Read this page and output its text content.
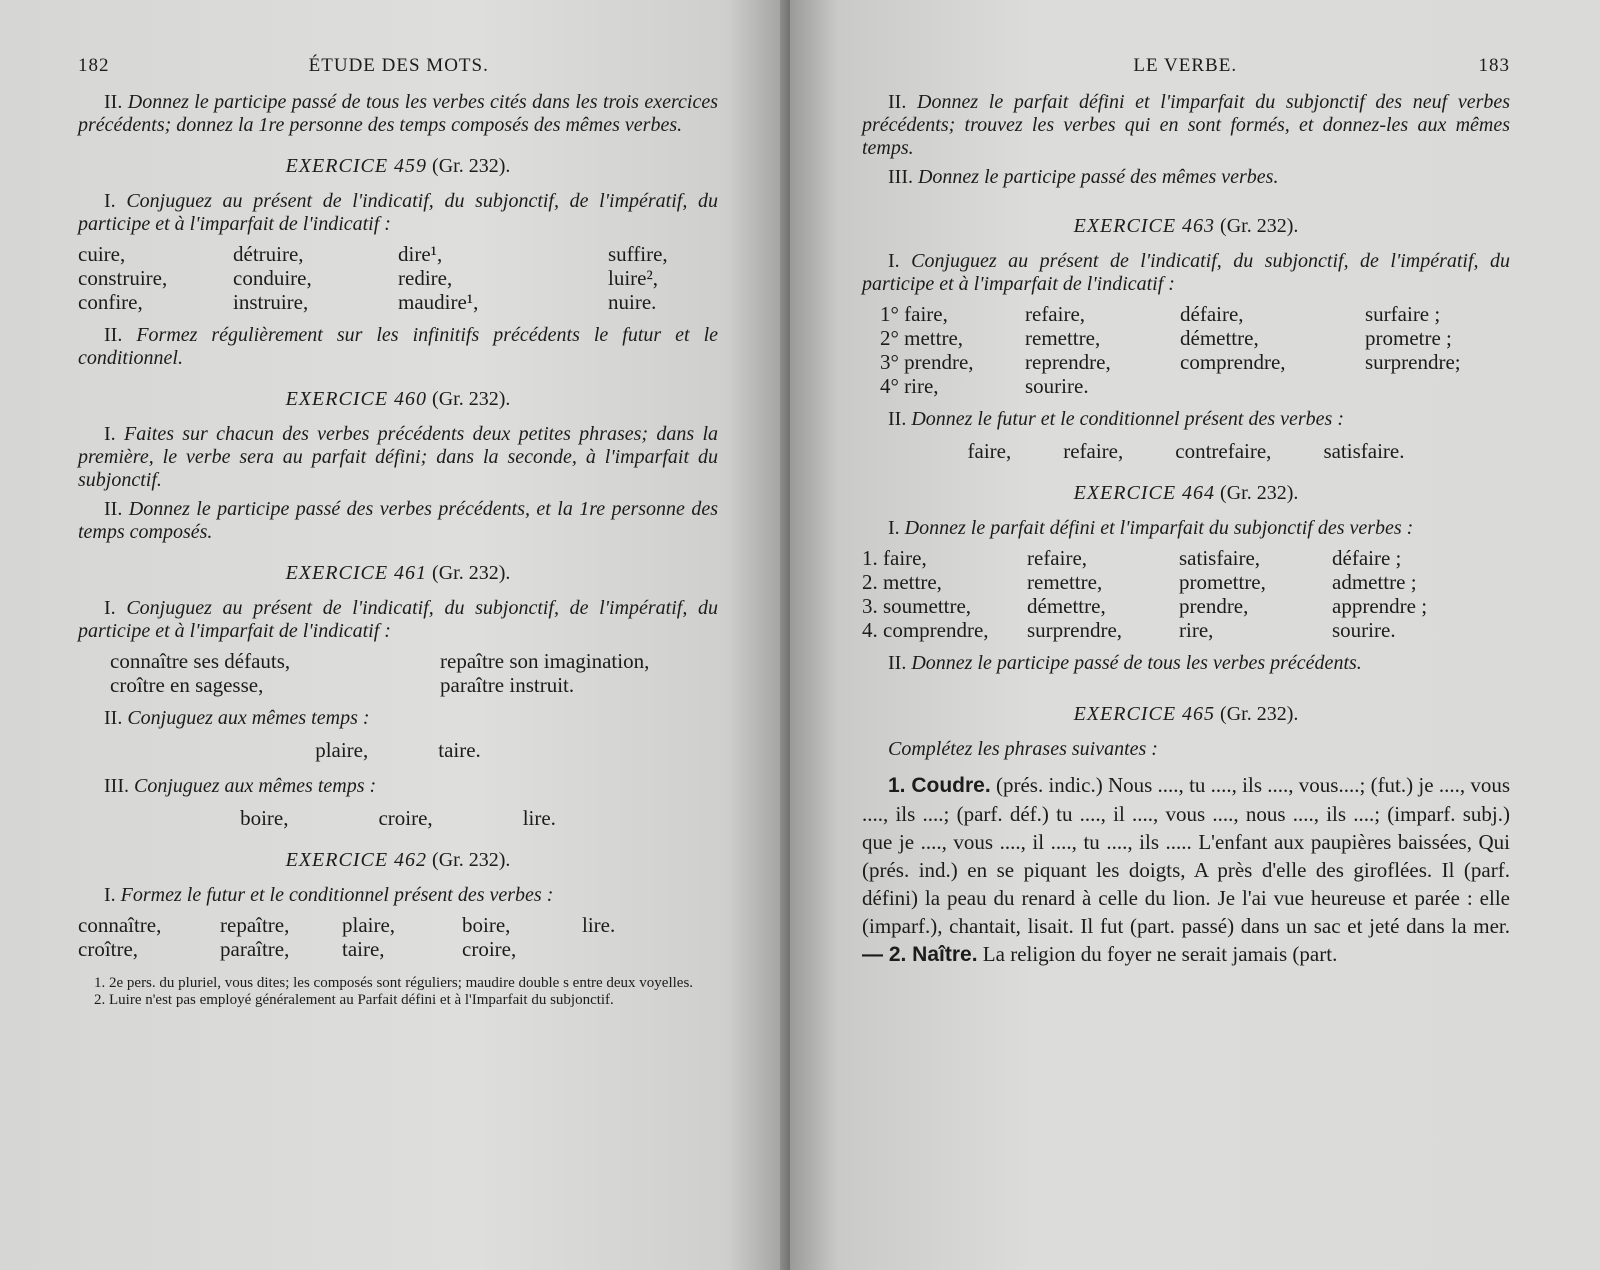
182	ÉTUDE DES MOTS.

II. Donnez le participe passé de tous les verbes cités dans les trois exercices précédents; donnez la 1re personne des temps composés des mêmes verbes.

EXERCICE 459 (Gr. 232).

I. Conjuguez au présent de l'indicatif, du subjonctif, de l'impératif, du participe et à l'imparfait de l'indicatif :

cuire,	détruire,	dire¹,	suffire,
construire,	conduire,	redire,	luire²,
confire,	instruire,	maudire¹,	nuire.

II. Formez régulièrement sur les infinitifs précédents le futur et le conditionnel.

EXERCICE 460 (Gr. 232).

I. Faites sur chacun des verbes précédents deux petites phrases; dans la première, le verbe sera au parfait défini; dans la seconde, à l'imparfait du subjonctif.

II. Donnez le participe passé des verbes précédents, et la 1re personne des temps composés.

EXERCICE 461 (Gr. 232).

I. Conjuguez au présent de l'indicatif, du subjonctif, de l'impératif, du participe et à l'imparfait de l'indicatif :

connaître ses défauts,	repaître son imagination,
croître en sagesse,	paraître instruit.

II. Conjuguez aux mêmes temps :

plaire,	taire.

III. Conjuguez aux mêmes temps :

boire,	croire,	lire.
EXERCICE 462 (Gr. 232).

I. Formez le futur et le conditionnel présent des verbes :

connaître,	repaître,	plaire,	boire,	lire.
croître,	paraître,	taire,	croire,

1. 2e pers. du pluriel, vous dites; les composés sont réguliers; maudire double s entre deux voyelles.

2. Luire n'est pas employé généralement au Parfait défini et à l'Imparfait du subjonctif.

LE VERBE.	183

II. Donnez le parfait défini et l'imparfait du subjonctif des neuf verbes précédents; trouvez les verbes qui en sont formés, et donnez-les aux mêmes temps.

III. Donnez le participe passé des mêmes verbes.

EXERCICE 463 (Gr. 232).

I. Conjuguez au présent de l'indicatif, du subjonctif, de l'impératif, du participe et à l'imparfait de l'indicatif :

1° faire,	refaire,	défaire,	surfaire ;
2° mettre,	remettre,	démettre,	prometre ;
3° prendre,	reprendre,	comprendre,	surprendre;
4° rire,	sourire.

II. Donnez le futur et le conditionnel présent des verbes :

faire, refaire, contrefaire, satisfaire.
EXERCICE 464 (Gr. 232).

I. Donnez le parfait défini et l'imparfait du subjonctif des verbes :

1. faire,	refaire,	satisfaire,	défaire ;
2. mettre,	remettre,	promettre,	admettre ;
3. soumettre,	démettre,	prendre,	apprendre ;
4. comprendre,	surprendre,	rire,	sourire.

II. Donnez le participe passé de tous les verbes précédents.

EXERCICE 465 (Gr. 232).

Complétez les phrases suivantes :

1. Coudre. (prés. indic.) Nous ...., tu ...., ils ...., vous....; (fut.) je ...., vous ...., ils ....; (parf. déf.) tu ...., il ...., vous ...., nous ...., ils ....; (imparf. subj.) que je ...., vous ...., il ...., tu ...., ils ..... L'enfant aux paupières baissées, Qui (prés. ind.) en se piquant les doigts, A près d'elle des giroflées. Il (parf. défini) la peau du renard à celle du lion. Je l'ai vue heureuse et parée : elle (imparf.), chantait, lisait. Il fut (part. passé) dans un sac et jeté dans la mer. — 2. Naître. La religion du foyer ne serait jamais (part.
